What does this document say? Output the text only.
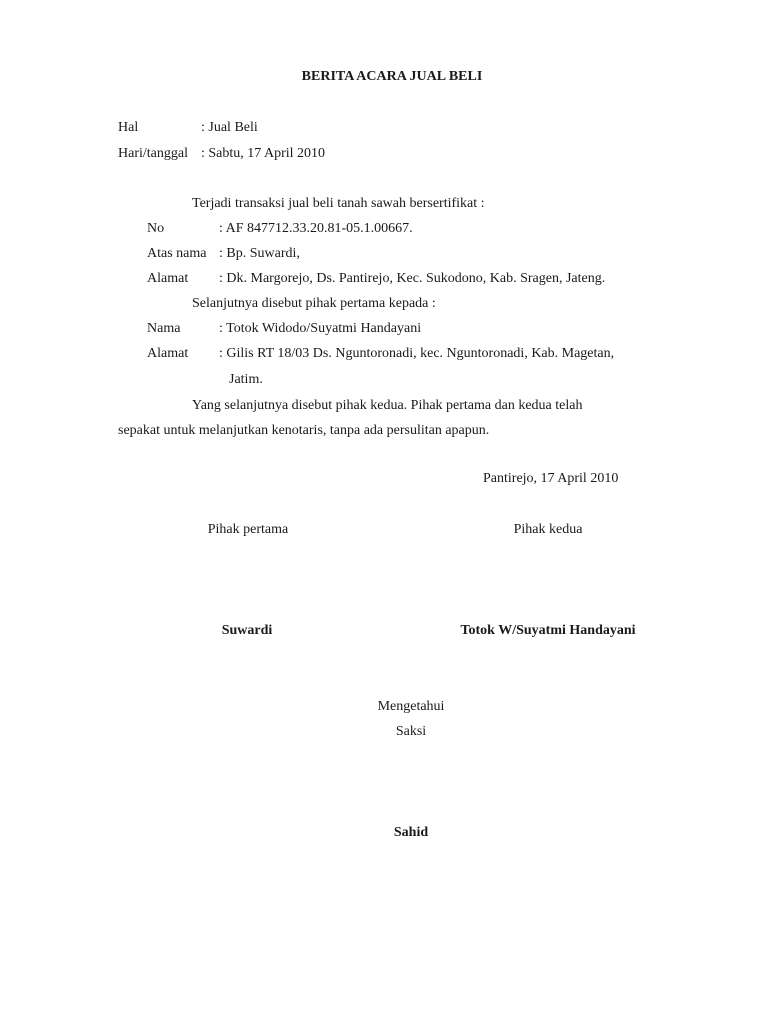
BERITA ACARA JUAL BELI
Hal	: Jual Beli
Hari/tanggal : Sabtu, 17 April 2010
Terjadi transaksi jual beli tanah sawah bersertifikat :
No	: AF 847712.33.20.81-05.1.00667.
Atas nama : Bp. Suwardi,
Alamat : Dk. Margorejo, Ds. Pantirejo, Kec. Sukodono, Kab. Sragen, Jateng.
Selanjutnya disebut pihak pertama kepada :
Nama	: Totok Widodo/Suyatmi Handayani
Alamat : Gilis RT 18/03 Ds. Nguntoronadi, kec. Nguntoronadi, Kab. Magetan,
Jatim.
Yang selanjutnya disebut pihak kedua. Pihak pertama dan kedua telah
sepakat untuk melanjutkan kenotaris, tanpa ada persulitan apapun.
Pantirejo, 17 April 2010
Pihak pertama	Pihak kedua
Suwardi	Totok W/Suyatmi Handayani
Mengetahui
Saksi
Sahid
